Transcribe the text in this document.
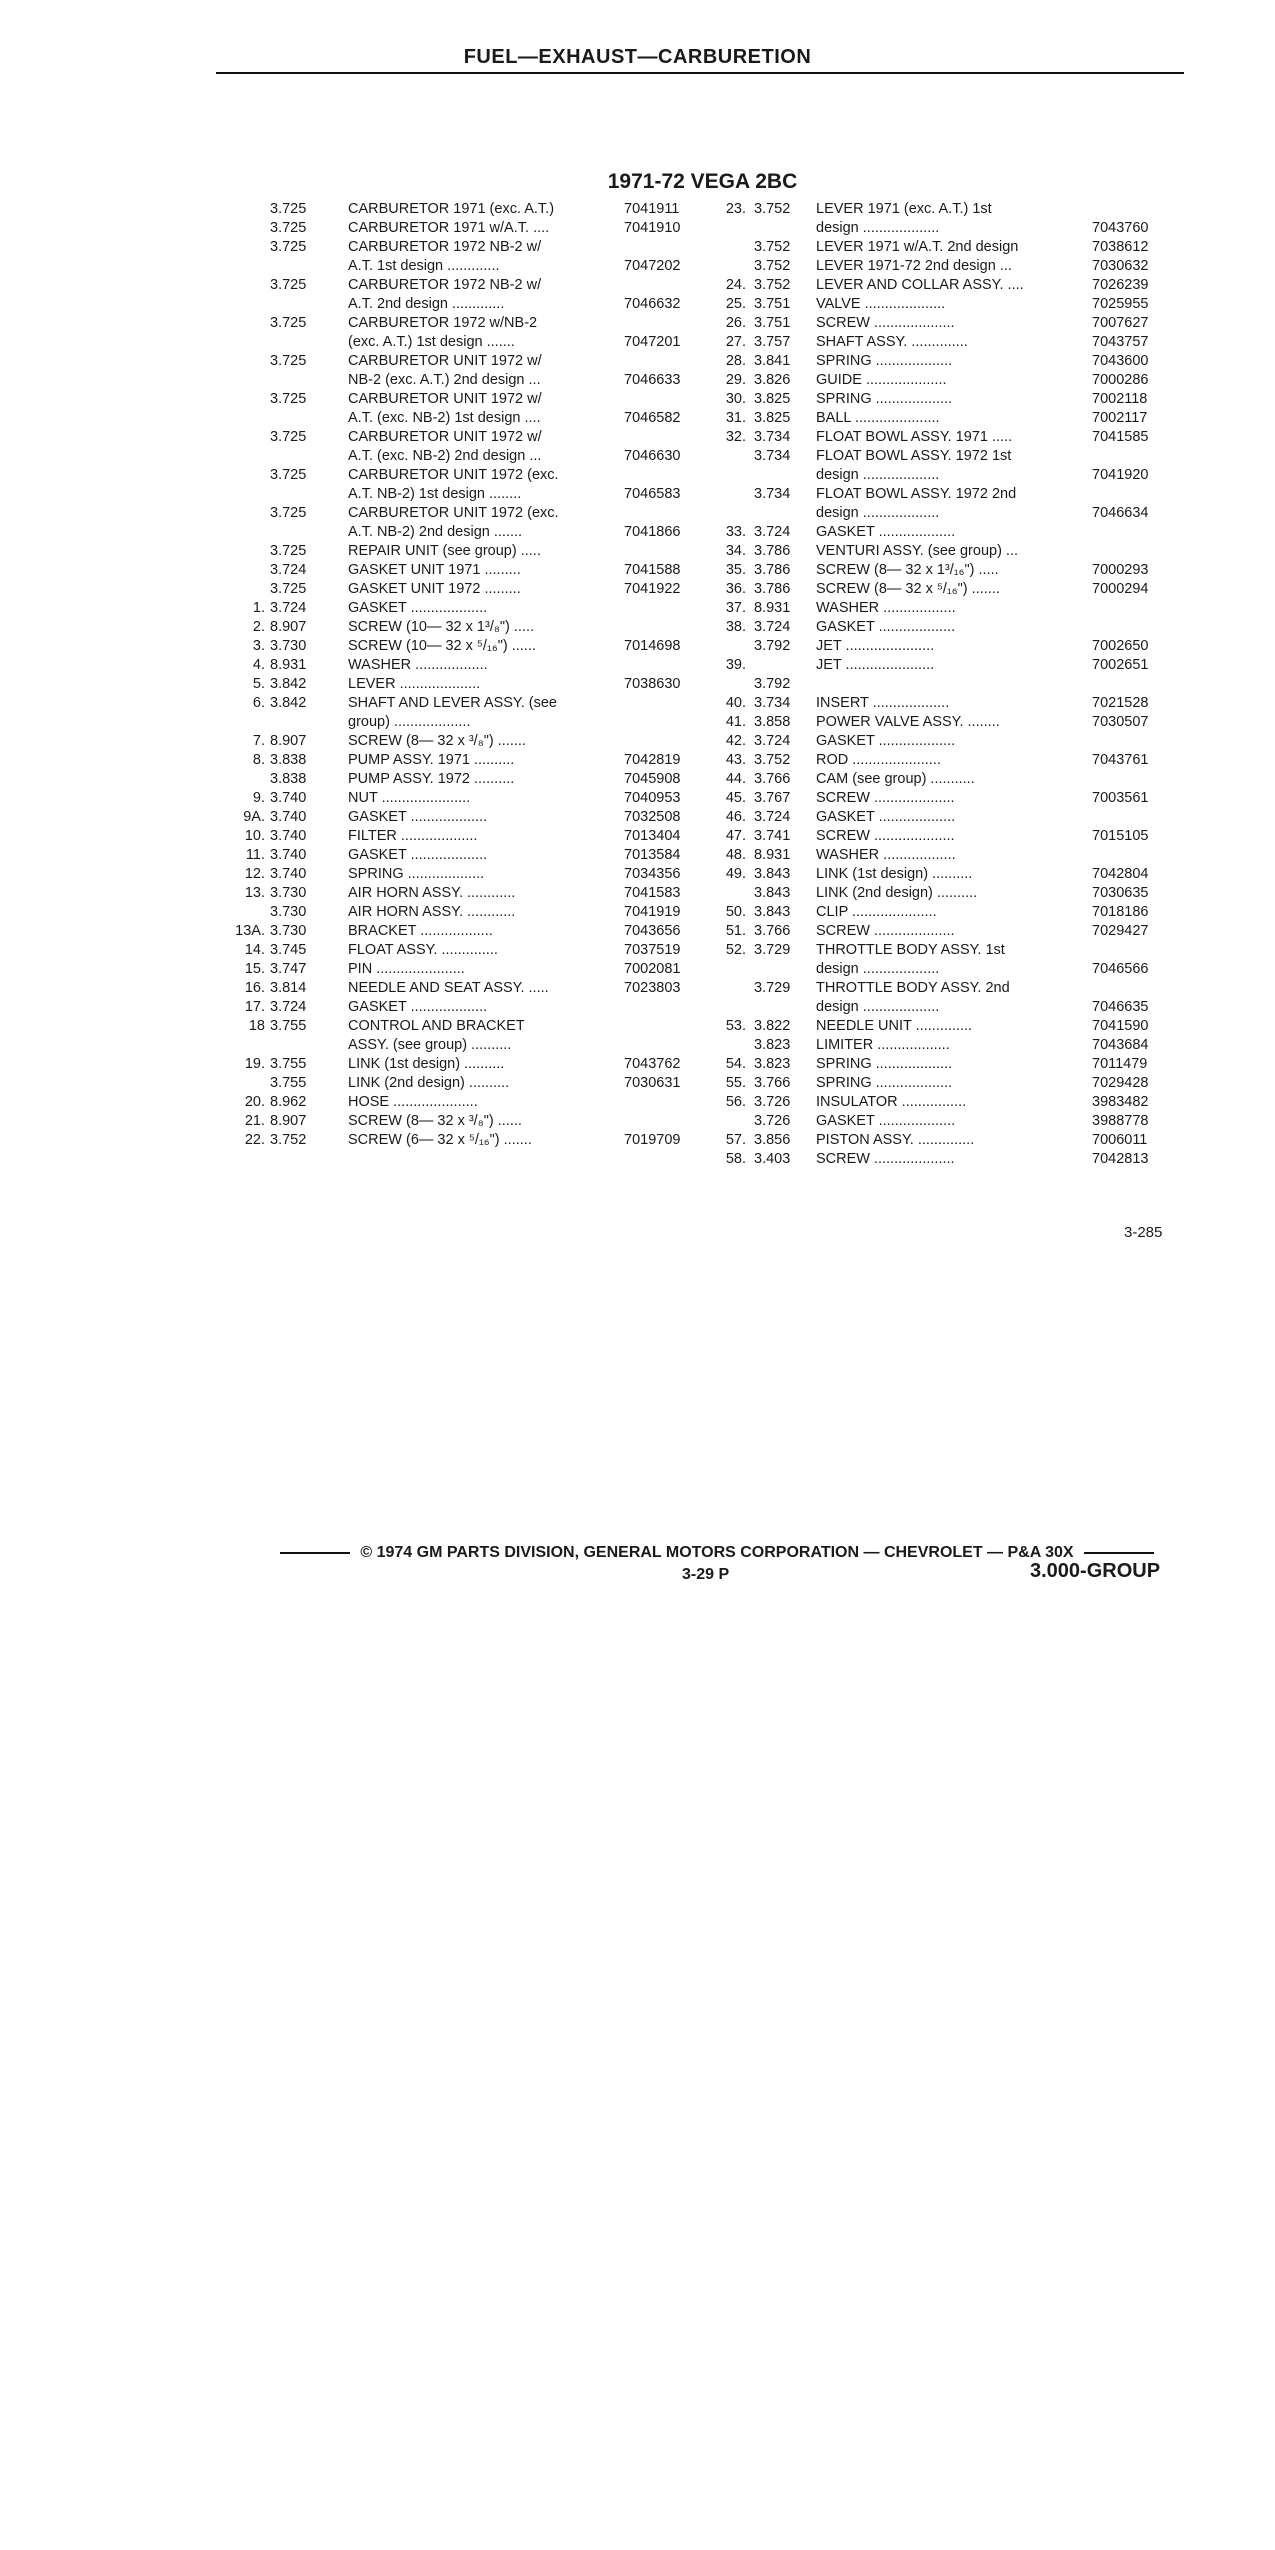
FUEL—EXHAUST—CARBURETION
1971-72 VEGA 2BC
3.725	CARBURETOR 1971 (exc. A.T.)	7041911
3.725	CARBURETOR 1971 w/A.T. ....	7041910
3.725	CARBURETOR 1972 NB-2 w/
A.T. 1st design .............	7047202
3.725	CARBURETOR 1972 NB-2 w/
A.T. 2nd design .............	7046632
3.725	CARBURETOR 1972 w/NB-2
(exc. A.T.) 1st design .......	7047201
3.725	CARBURETOR UNIT 1972 w/
NB-2 (exc. A.T.) 2nd design ...	7046633
3.725	CARBURETOR UNIT 1972 w/
A.T. (exc. NB-2) 1st design ....	7046582
3.725	CARBURETOR UNIT 1972 w/
A.T. (exc. NB-2) 2nd design ...	7046630
3.725	CARBURETOR UNIT 1972 (exc.
A.T. NB-2) 1st design ........	7046583
3.725	CARBURETOR UNIT 1972 (exc.
A.T. NB-2) 2nd design .......	7041866
3.725	REPAIR UNIT (see group) .....
3.724	GASKET UNIT 1971 .........	7041588
3.725	GASKET UNIT 1972 .........	7041922
1. 3.724	GASKET ...................
2. 8.907	SCREW (10— 32 x 1³/₈") .....
3. 3.730	SCREW (10— 32 x ⁵/₁₆") ......	7014698
4. 8.931	WASHER ..................
5. 3.842	LEVER ....................	7038630
6. 3.842	SHAFT AND LEVER ASSY. (see
group) ...................
7. 8.907	SCREW (8— 32 x ³/₈") .......
8. 3.838	PUMP ASSY. 1971 ..........	7042819
3.838	PUMP ASSY. 1972 ..........	7045908
9. 3.740	NUT ......................	7040953
9A. 3.740	GASKET ...................	7032508
10. 3.740	FILTER ...................	7013404
11. 3.740	GASKET ...................	7013584
12. 3.740	SPRING ...................	7034356
13. 3.730	AIR HORN ASSY. ............	7041583
3.730	AIR HORN ASSY. ............	7041919
13A. 3.730	BRACKET ..................	7043656
14. 3.745	FLOAT ASSY. ..............	7037519
15. 3.747	PIN ......................	7002081
16. 3.814	NEEDLE AND SEAT ASSY. .....	7023803
17. 3.724	GASKET ...................
18 3.755	CONTROL AND BRACKET
ASSY. (see group) ..........
19. 3.755	LINK (1st design) ..........	7043762
3.755	LINK (2nd design) ..........	7030631
20. 8.962	HOSE .....................
21. 8.907	SCREW (8— 32 x ³/₈") ......
22. 3.752	SCREW (6— 32 x ⁵/₁₆") .......	7019709
23. 3.752 LEVER 1971 (exc. A.T.) 1st
design ...................	7043760
3.752 LEVER 1971 w/A.T. 2nd design	7038612
3.752 LEVER 1971-72 2nd design ...	7030632
24. 3.752 LEVER AND COLLAR ASSY. ....	7026239
25. 3.751 VALVE ....................	7025955
26. 3.751 SCREW ....................	7007627
27. 3.757 SHAFT ASSY. ..............	7043757
28. 3.841 SPRING ...................	7043600
29. 3.826 GUIDE ....................	7000286
30. 3.825 SPRING ...................	7002118
31. 3.825 BALL .....................	7002117
32. 3.734 FLOAT BOWL ASSY. 1971 .....	7041585
3.734 FLOAT BOWL ASSY. 1972 1st
design ...................	7041920
3.734 FLOAT BOWL ASSY. 1972 2nd
design ...................	7046634
33. 3.724 GASKET ...................
34. 3.786 VENTURI ASSY. (see group) ...
35. 3.786 SCREW (8— 32 x 1³/₁₆") .....	7000293
36. 3.786 SCREW (8— 32 x ⁵/₁₆") .......	7000294
37. 8.931 WASHER ..................
38. 3.724 GASKET ...................
3.792 JET ......................	7002650
39.	JET ......................	7002651
3.792
40. 3.734 INSERT ...................	7021528
41. 3.858 POWER VALVE ASSY. ........	7030507
42. 3.724 GASKET ...................
43. 3.752 ROD ......................	7043761
44. 3.766 CAM (see group) ...........
45. 3.767 SCREW ....................	7003561
46. 3.724 GASKET ...................
47. 3.741 SCREW ....................	7015105
48. 8.931 WASHER ..................
49. 3.843 LINK (1st design) ..........	7042804
3.843 LINK (2nd design) ..........	7030635
50. 3.843 CLIP .....................	7018186
51. 3.766 SCREW ....................	7029427
52. 3.729 THROTTLE BODY ASSY. 1st
design ...................	7046566
3.729 THROTTLE BODY ASSY. 2nd
design ...................	7046635
53. 3.822 NEEDLE UNIT ..............	7041590
3.823 LIMITER ..................	7043684
54. 3.823 SPRING ...................	7011479
55. 3.766 SPRING ...................	7029428
56. 3.726 INSULATOR ................	3983482
3.726 GASKET ...................	3988778
57. 3.856 PISTON ASSY. ..............	7006011
58. 3.403 SCREW ....................	7042813
3-285
© 1974 GM PARTS DIVISION, GENERAL MOTORS CORPORATION — CHEVROLET — P&A 30X
3-29 P	3.000-GROUP
